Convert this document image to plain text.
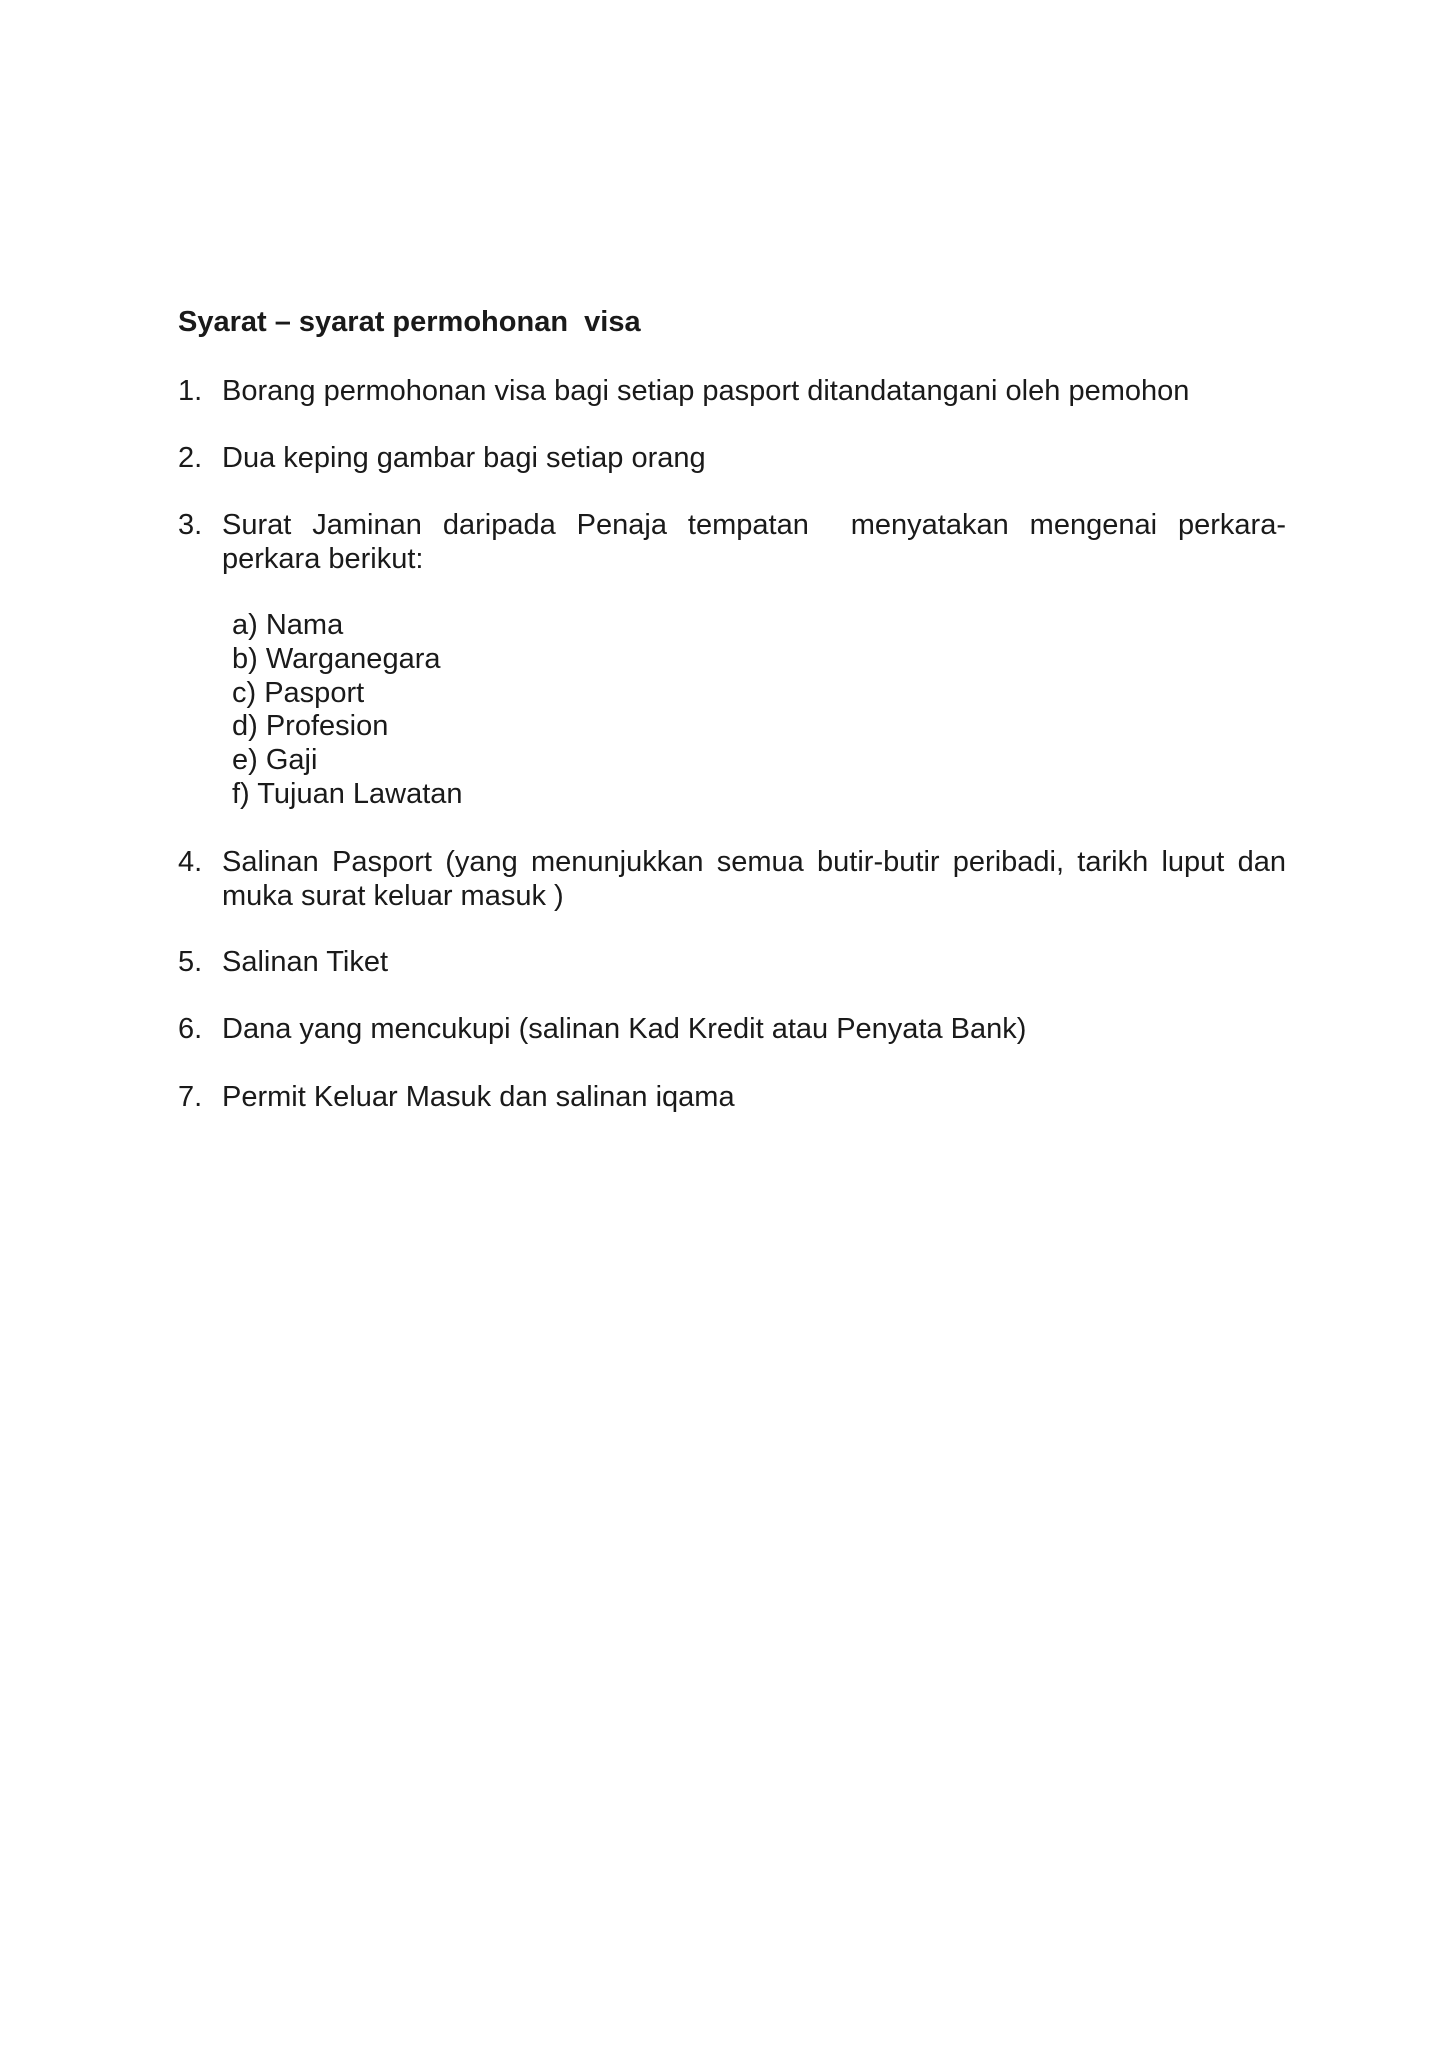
Syarat – syarat permohonan  visa
1. Borang permohonan visa bagi setiap pasport ditandatangani oleh pemohon
2. Dua keping gambar bagi setiap orang
3. Surat Jaminan daripada Penaja tempatan  menyatakan mengenai perkara-
perkara berikut:
a) Nama
b) Warganegara
c) Pasport
d) Profesion
e) Gaji
f) Tujuan Lawatan
4. Salinan Pasport (yang menunjukkan semua butir-butir peribadi, tarikh luput dan
muka surat keluar masuk )
5. Salinan Tiket
6. Dana yang mencukupi (salinan Kad Kredit atau Penyata Bank)
7. Permit Keluar Masuk dan salinan iqama
